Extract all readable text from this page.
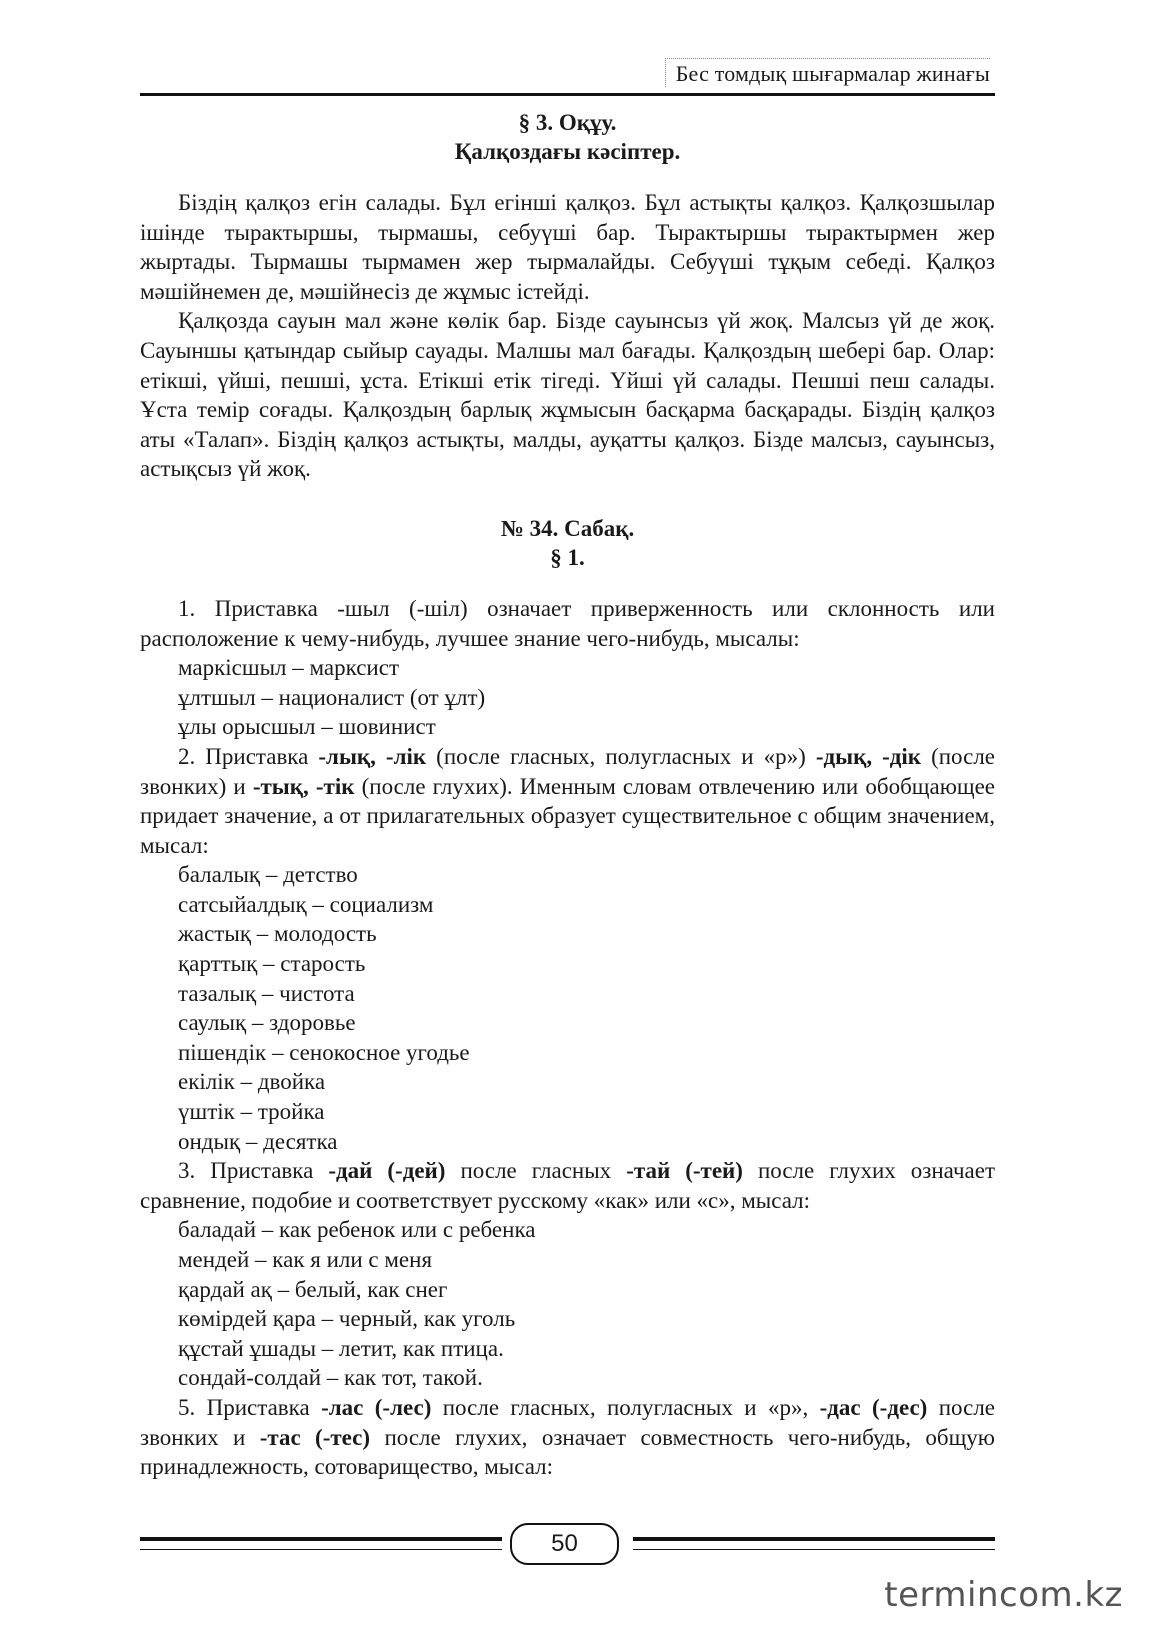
Бес томдық шығармалар жинағы

§ 3. Оқұу.

Қалқоздағы кәсіптер.

Біздің қалқоз егін салады. Бұл егінші қалқоз. Бұл астықты қалқоз. Қалқозшылар ішінде тырактыршы, тырмашы, себуүші бар. Тырактыршы тырактырмен жер жыртады. Тырмашы тырмамен жер тырмалайды. Себуүші тұқым себеді. Қалқоз мәшійнемен де, мәшійнесіз де жұмыс істейді.

Қалқозда сауын мал және көлік бар. Бізде сауынсыз үй жоқ. Малсыз үй де жоқ. Сауыншы қатындар сыйыр сауады. Малшы мал бағады. Қалқоздың шебері бар. Олар: етікші, үйші, пешші, ұста. Етікші етік тігеді. Үйші үй салады. Пешші пеш салады. Ұста темір соғады. Қалқоздың барлық жұмысын басқарма басқарады. Біздің қалқоз аты «Талап». Біздің қалқоз астықты, малды, ауқатты қалқоз. Бізде малсыз, сауынсыз, астықсыз үй жоқ.

№ 34. Сабақ.

§ 1.

1. Приставка -шыл (-шіл) означает приверженность или склонность или расположение к чему-нибудь, лучшее знание чего-нибудь, мысалы:

маркісшыл – марксист

ұлтшыл – националист (от ұлт)

ұлы орысшыл – шовинист

2. Приставка -лық, -лік (после гласных, полугласных и «р») -дық, -дік (после звонких) и -тық, -тік (после глухих). Именным словам отвлечению или обобщающее придает значение, а от прилагательных образует существительное с общим значением, мысал:

балалық – детство

сатсыйалдық – социализм

жастық – молодость

қарттық – старость

тазалық – чистота

саулық – здоровье

пішендік – сенокосное угодье

екілік – двойка

үштік – тройка

ондық – десятка

3. Приставка -дай (-дей) после гласных -тай (-тей) после глухих означает сравнение, подобие и соответствует русскому «как» или «с», мысал:

баладай – как ребенок или с ребенка

мендей – как я или с меня

қардай ақ – белый, как снег

көмірдей қара – черный, как уголь

құстай ұшады – летит, как птица.

сондай-солдай – как тот, такой.

5. Приставка -лас (-лес) после гласных, полугласных и «р», -дас (-дес) после звонких и -тас (-тес) после глухих, означает совместность чего-нибудь, общую принадлежность, сотоварищество, мысал:

50
termincom.kz
